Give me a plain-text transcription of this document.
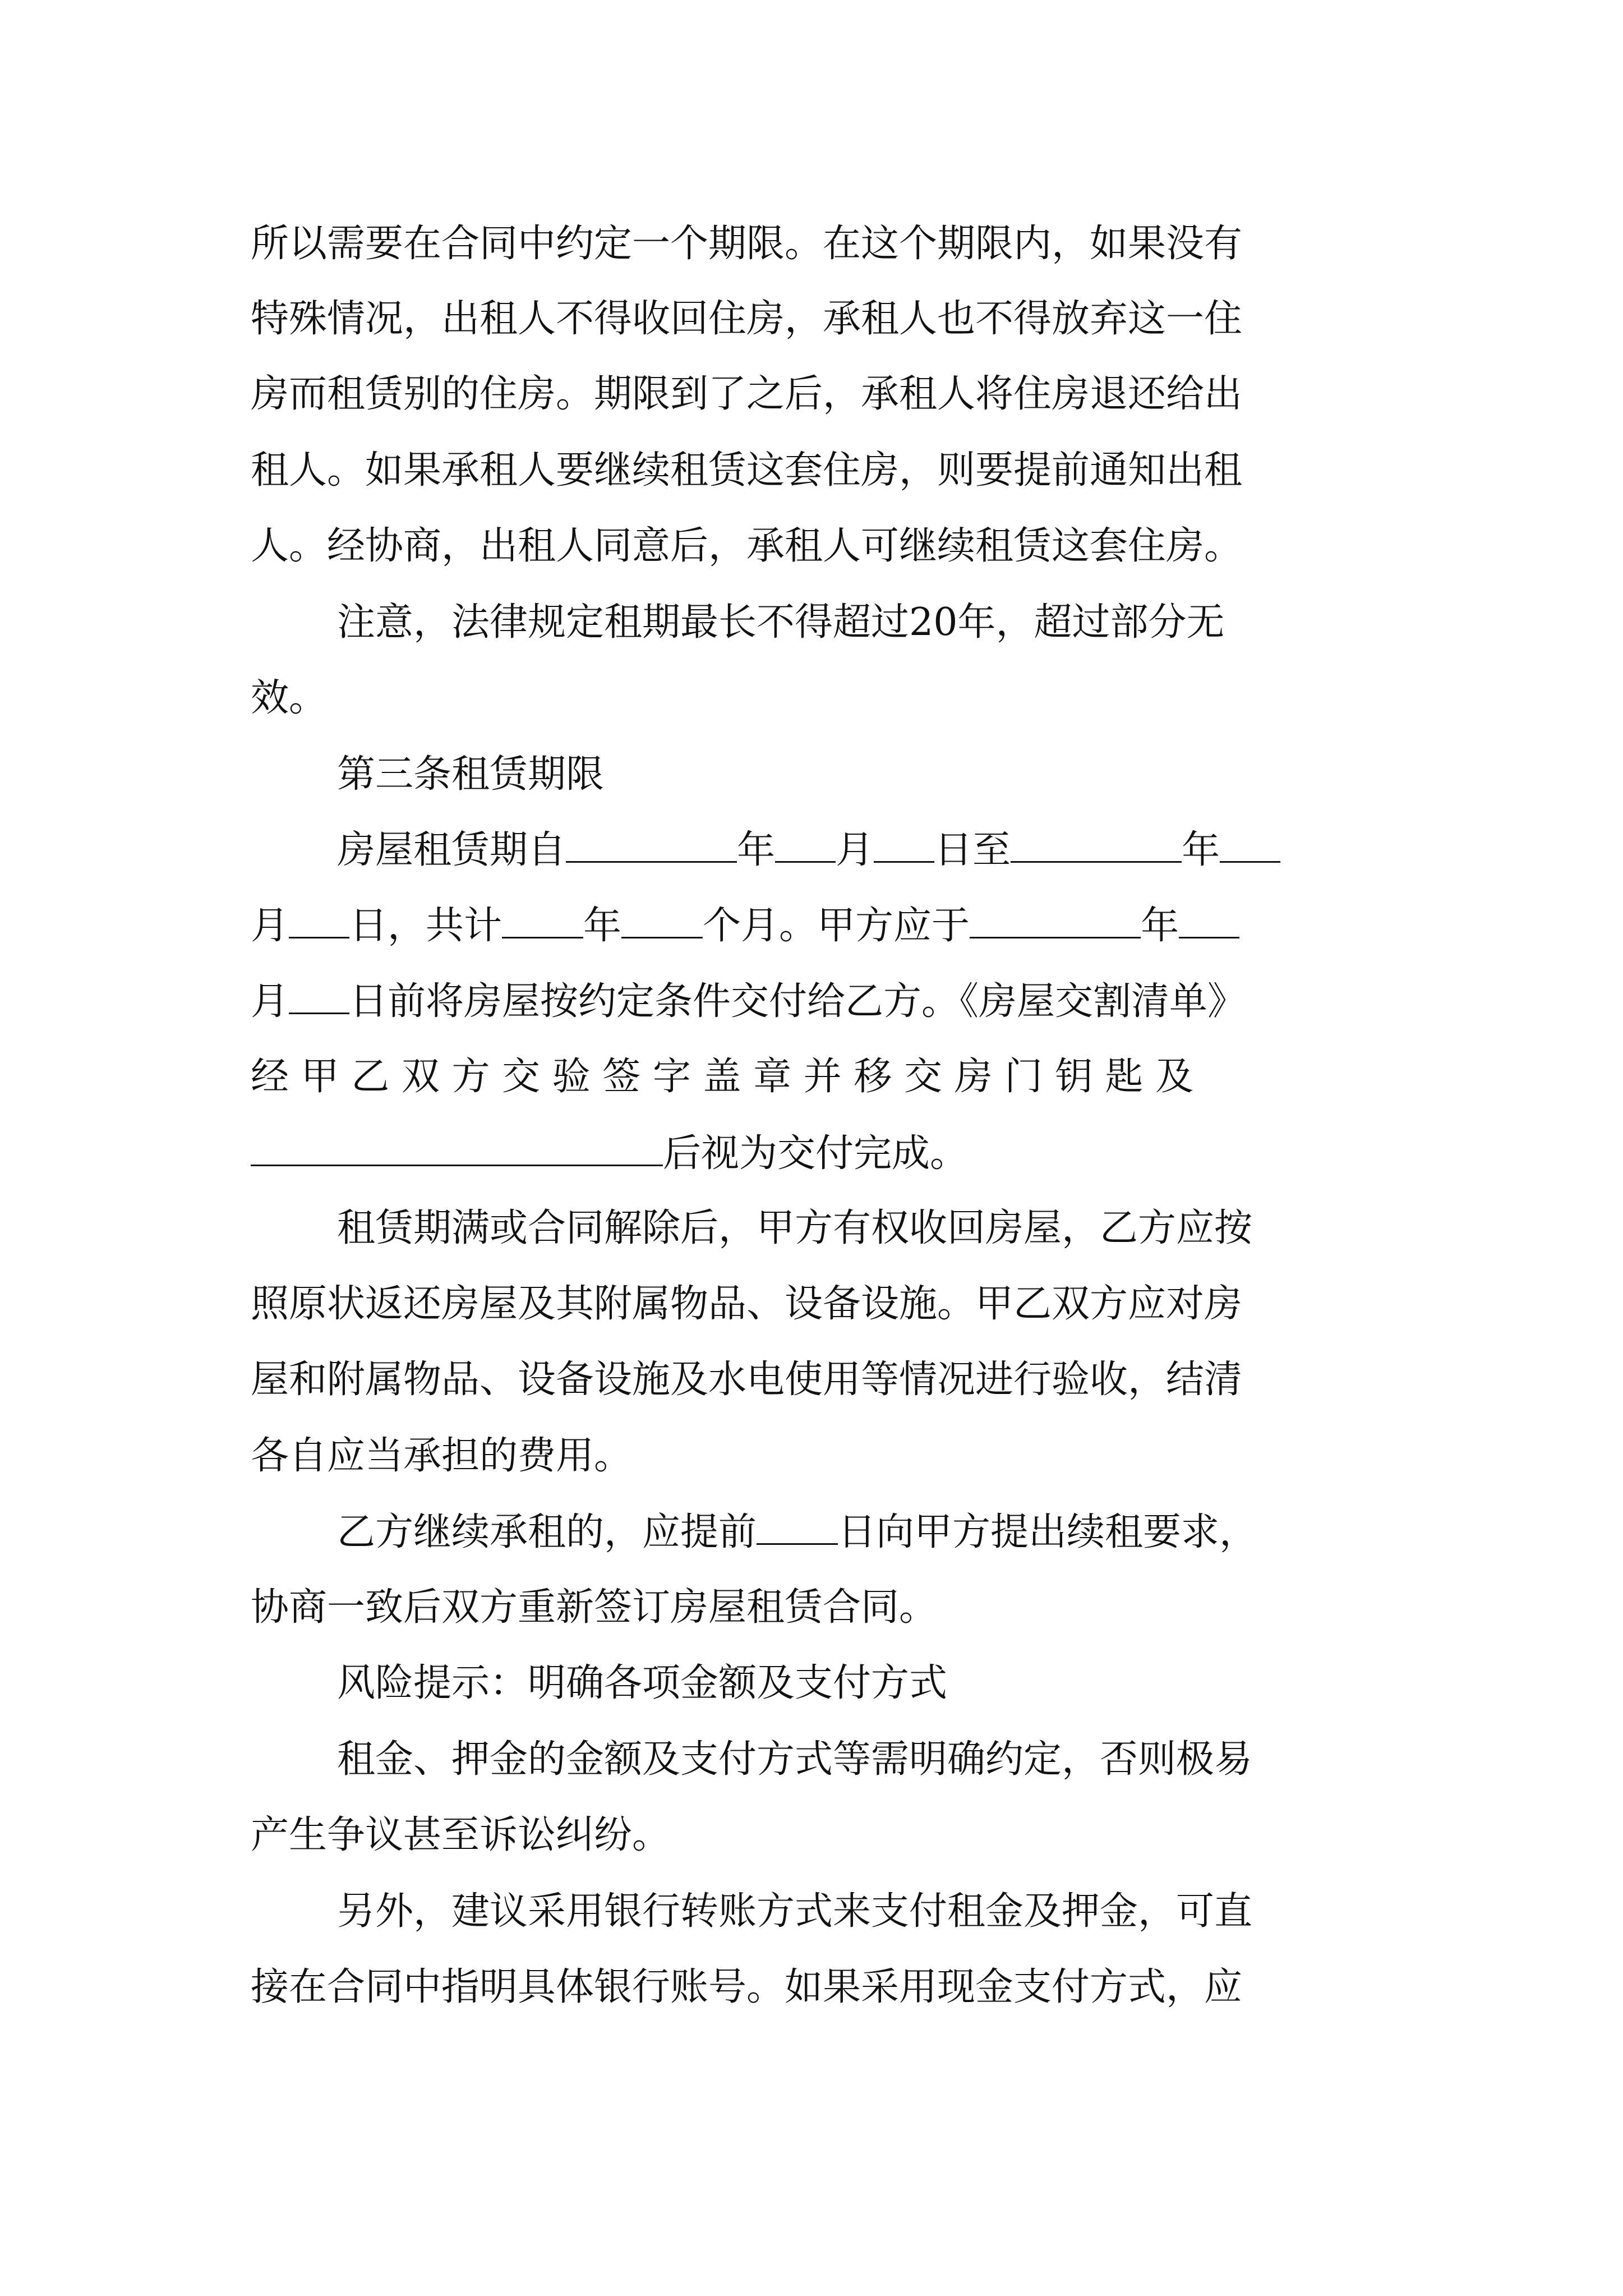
所以需要在合同中约定一个期限。在这个期限内，如果没有
特殊情况，出租人不得收回住房，承租人也不得放弃这一住
房而租赁别的住房。期限到了之后，承租人将住房退还给出
租人。如果承租人要继续租赁这套住房，则要提前通知出租
人。经协商，出租人同意后，承租人可继续租赁这套住房。
注意，法律规定租期最长不得超过20年，超过部分无
效。
第三条租赁期限
房屋租赁期自	年 月 日至	年
月 日，共计 年 个月。甲方应于	年
月 日前将房屋按约定条件交付给乙方。《房屋交割清单》
经 甲 乙 双 方 交 验 签 字 盖 章 并 移 交 房 门 钥 匙 及
后视为交付完成。
租赁期满或合同解除后，甲方有权收回房屋，乙方应按
照原状返还房屋及其附属物品、设备设施。甲乙双方应对房
屋和附属物品、设备设施及水电使用等情况进行验收，结清
各自应当承担的费用。
乙方继续承租的，应提前 日向甲方提出续租要求，
协商一致后双方重新签订房屋租赁合同。
风险提示：明确各项金额及支付方式
租金、押金的金额及支付方式等需明确约定，否则极易
产生争议甚至诉讼纠纷。
另外，建议采用银行转账方式来支付租金及押金，可直
接在合同中指明具体银行账号。如果采用现金支付方式，应
